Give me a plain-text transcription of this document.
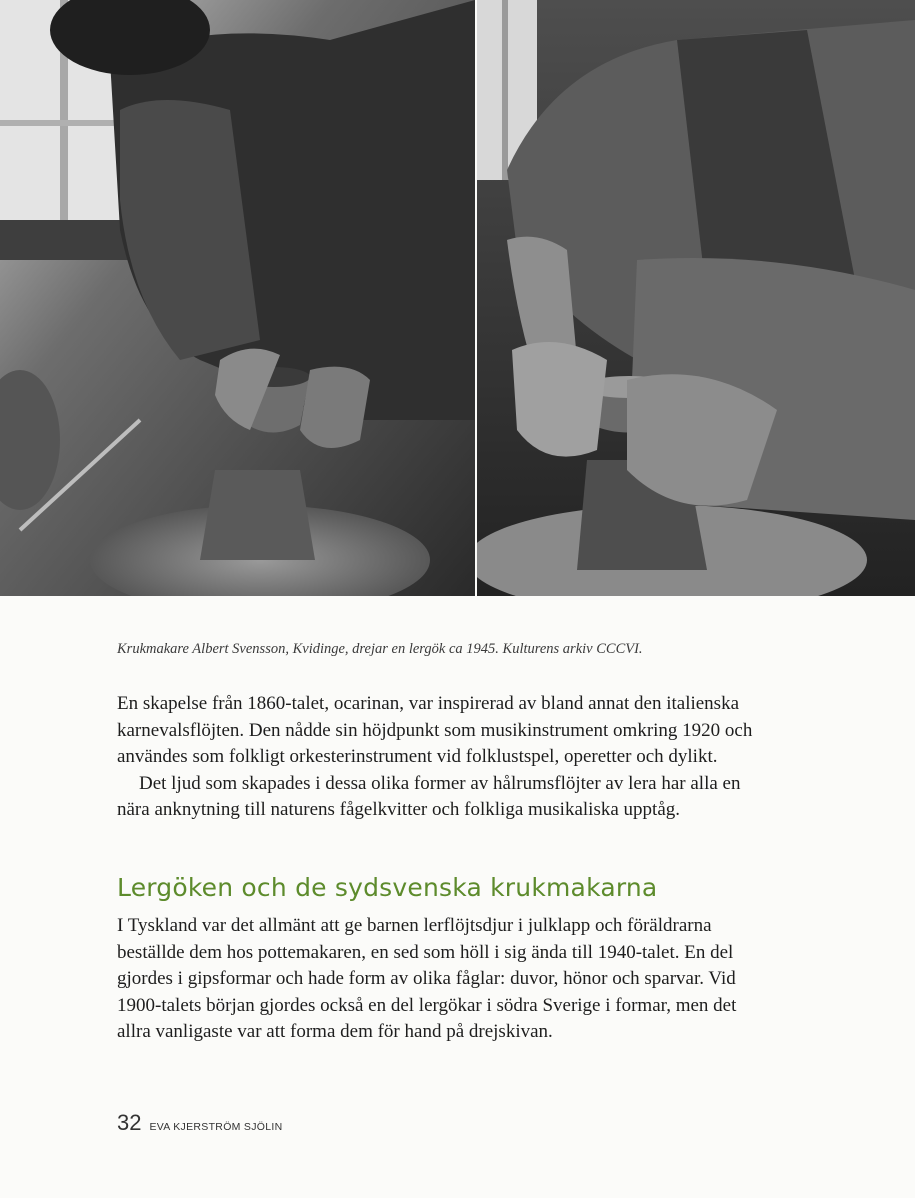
Krukmakare Albert Svensson, Kvidinge, drejar en lergök ca 1945. Kulturens arkiv CCCVI.

En skapelse från 1860-talet, ocarinan, var inspirerad av bland annat den italienska karnevalsflöjten. Den nådde sin höjdpunkt som musikinstrument omkring 1920 och användes som folkligt orkesterinstrument vid folklustspel, operetter och dylikt.

Det ljud som skapades i dessa olika former av hålrumsflöjter av lera har alla en nära anknytning till naturens fågelkvitter och folkliga musikaliska upptåg.

Lergöken och de sydsvenska krukmakarna

I Tyskland var det allmänt att ge barnen lerflöjtsdjur i julklapp och föräldrarna beställde dem hos pottemakaren, en sed som höll i sig ända till 1940-talet. En del gjordes i gipsformar och hade form av olika fåglar: duvor, hönor och sparvar. Vid 1900-talets början gjordes också en del lergökar i södra Sverige i formar, men det allra vanligaste var att forma dem för hand på drejskivan.

32 EVA KJERSTRÖM SJÖLIN
